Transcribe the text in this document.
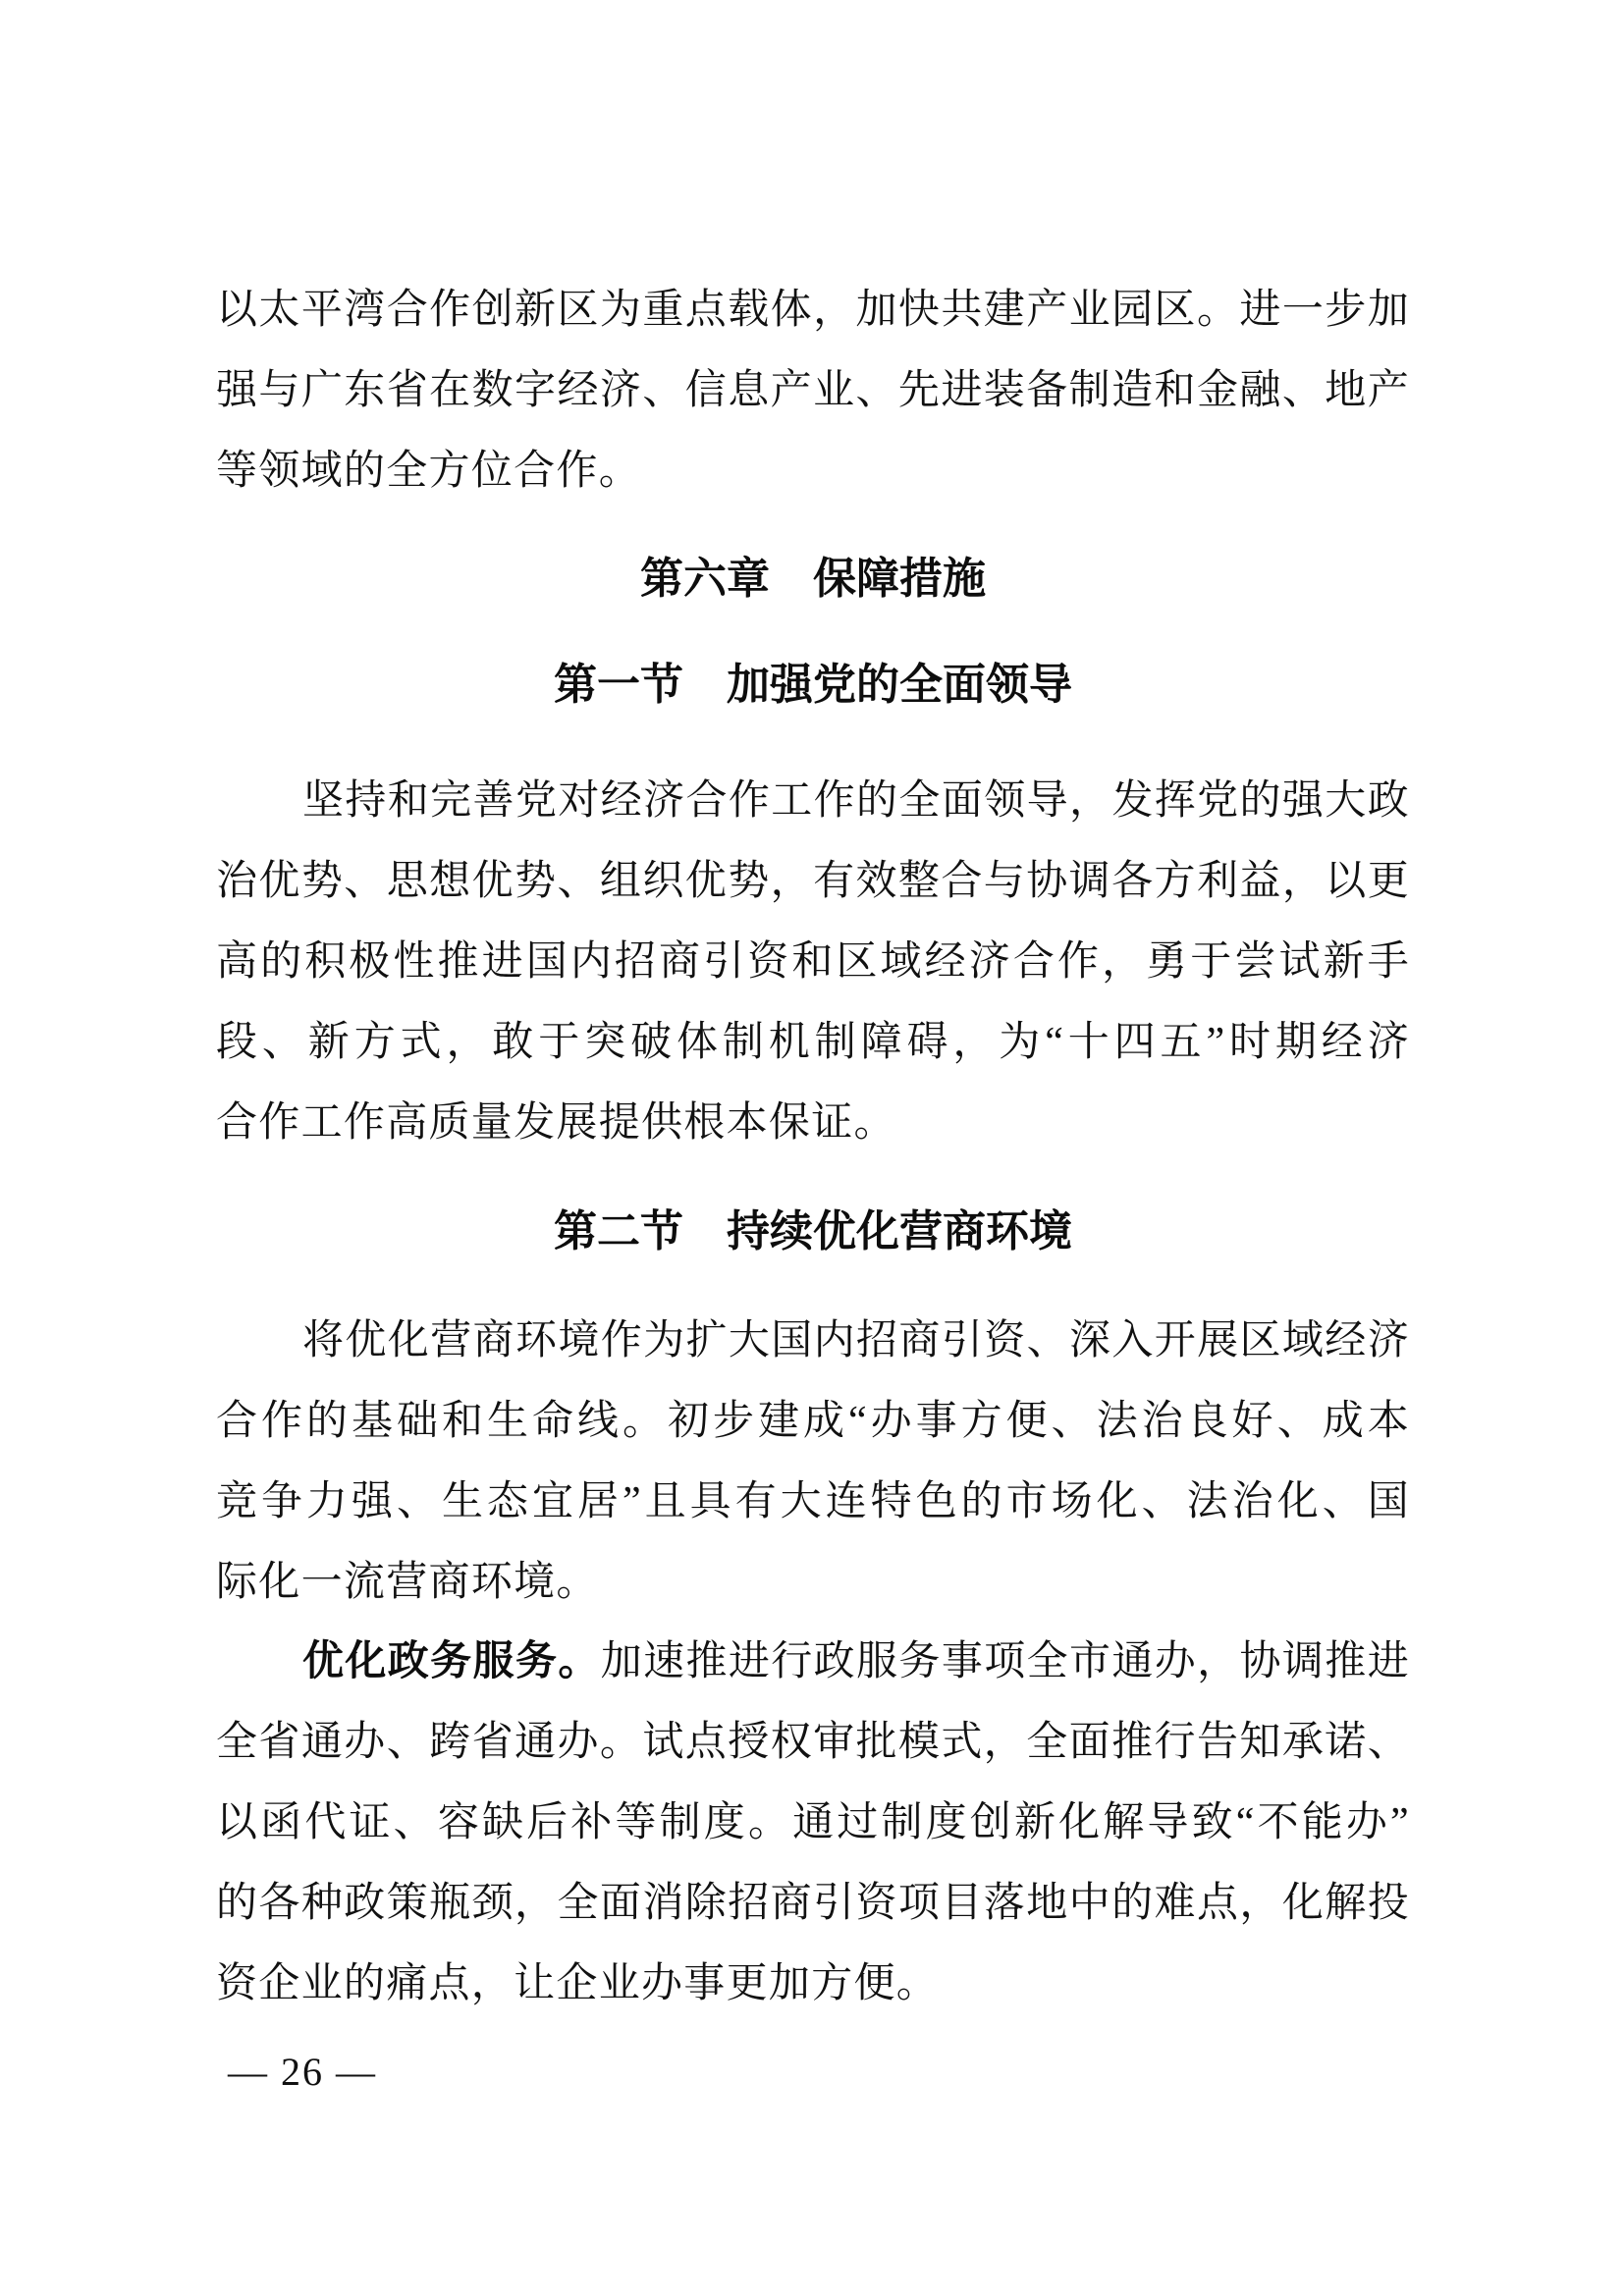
以太平湾合作创新区为重点载体，加快共建产业园区。进一步加
强与广东省在数字经济、信息产业、先进装备制造和金融、地产
等领域的全方位合作。
第六章　保障措施
第一节　加强党的全面领导
坚持和完善党对经济合作工作的全面领导，发挥党的强大政
治优势、思想优势、组织优势，有效整合与协调各方利益，以更
高的积极性推进国内招商引资和区域经济合作，勇于尝试新手
段、新方式，敢于突破体制机制障碍，为“十四五”时期经济
合作工作高质量发展提供根本保证。
第二节　持续优化营商环境
将优化营商环境作为扩大国内招商引资、深入开展区域经济
合作的基础和生命线。初步建成“办事方便、法治良好、成本
竞争力强、生态宜居”且具有大连特色的市场化、法治化、国
际化一流营商环境。
优化政务服务。加速推进行政服务事项全市通办，协调推进
全省通办、跨省通办。试点授权审批模式，全面推行告知承诺、
以函代证、容缺后补等制度。通过制度创新化解导致“不能办”
的各种政策瓶颈，全面消除招商引资项目落地中的难点，化解投
资企业的痛点，让企业办事更加方便。
— 26 —
